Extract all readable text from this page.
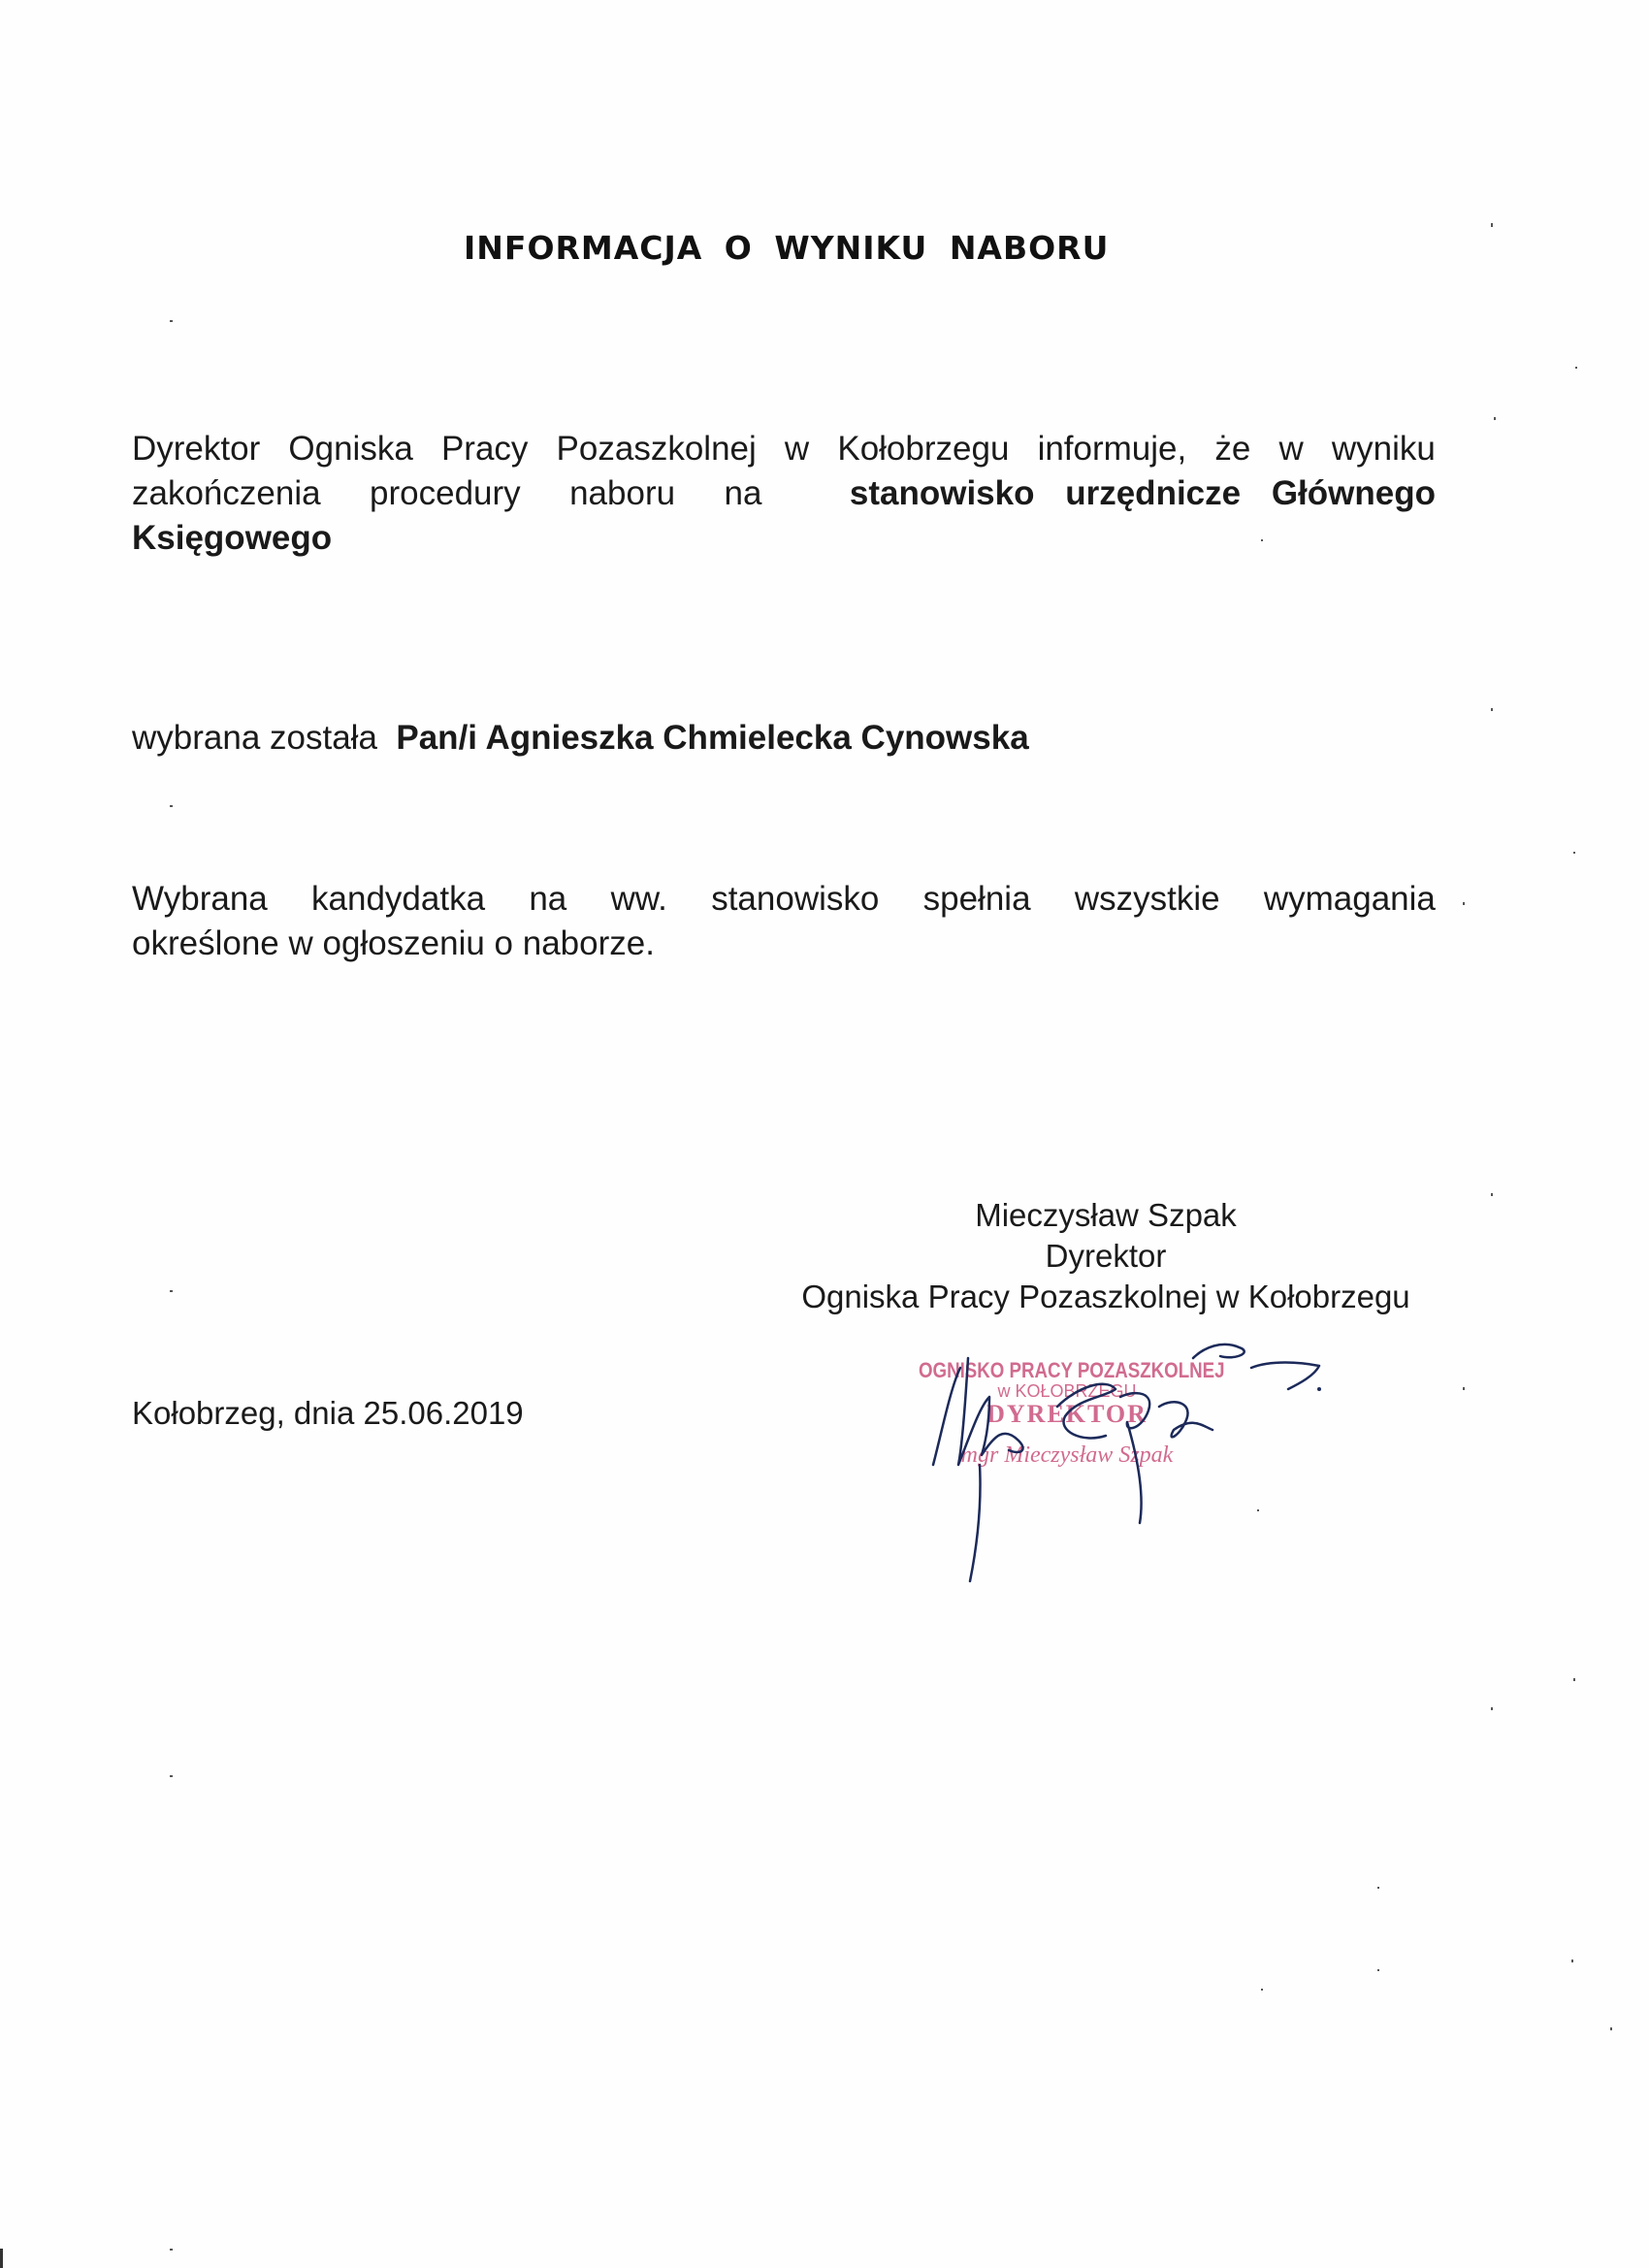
INFORMACJA O WYNIKU NABORU

Dyrektor Ogniska Pracy Pozaszkolnej w Kołobrzegu informuje, że w wyniku
zakończenia procedury naboru na	stanowisko urzędnicze Głównego
Księgowego

wybrana została Pan/i Agnieszka Chmielecka Cynowska

Wybrana kandydatka na ww. stanowisko spełnia wszystkie wymagania
określone w ogłoszeniu o naborze.

Mieczysław Szpak
Dyrektor
Ogniska Pracy Pozaszkolnej w Kołobrzegu
Kołobrzeg, dnia 25.06.2019
OGNISKO PRACY POZASZKOLNEJ
w KOŁOBRZEGU
DYREKTOR
mgr Mieczysław Szpak
